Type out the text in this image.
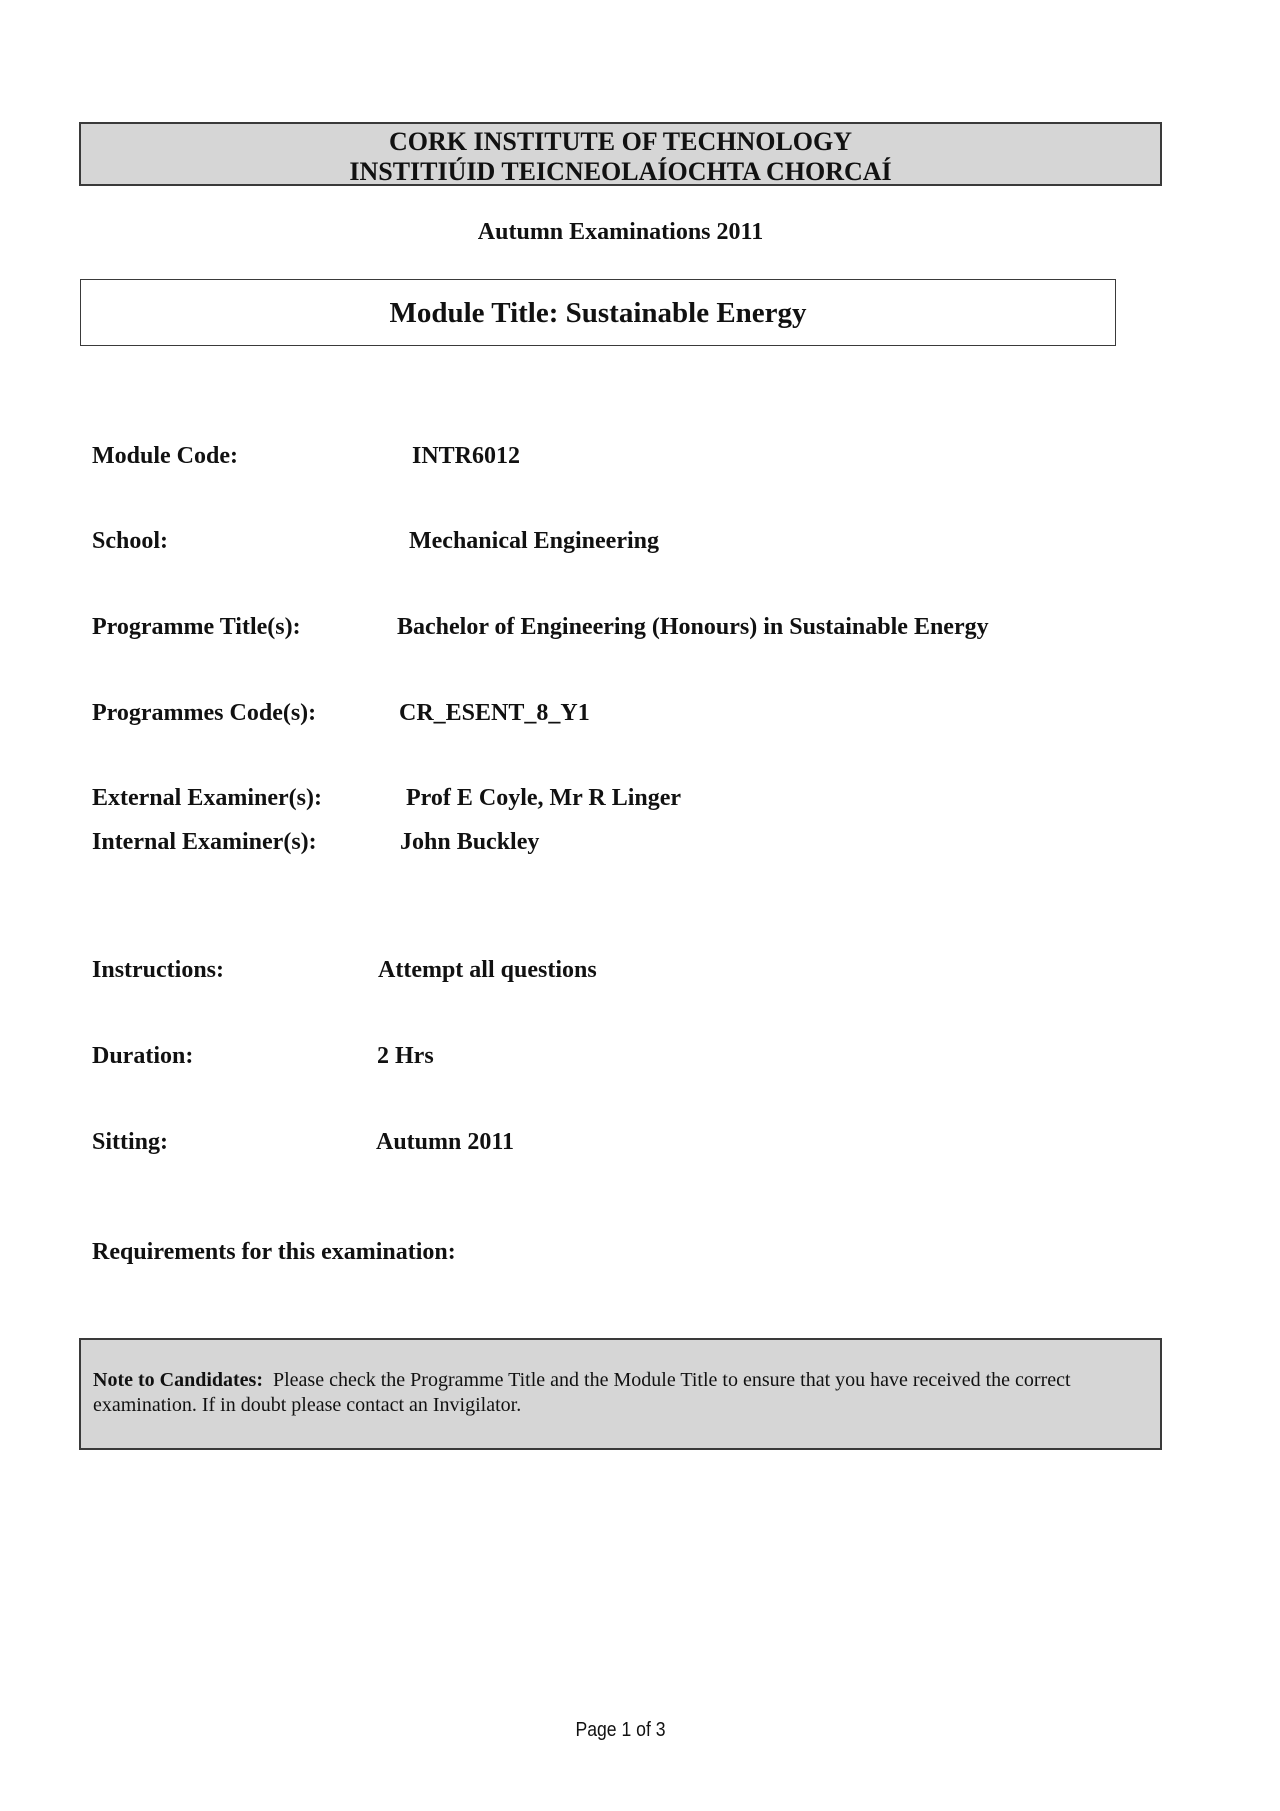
CORK INSTITUTE OF TECHNOLOGY
INSTITIÚID TEICNEOLAÍOCHTA CHORCAÍ
Autumn Examinations 2011
Module Title: Sustainable Energy
Module Code:	INTR6012
School:	Mechanical Engineering
Programme Title(s):	Bachelor of Engineering (Honours) in Sustainable Energy
Programmes Code(s):	CR_ESENT_8_Y1
External Examiner(s):	Prof E Coyle, Mr R Linger
Internal Examiner(s):	John Buckley
Instructions:	Attempt all questions
Duration:	2 Hrs
Sitting:	Autumn 2011
Requirements for this examination:
Note to Candidates: Please check the Programme Title and the Module Title to ensure that you have received the correct examination. If in doubt please contact an Invigilator.
Page 1 of 3
